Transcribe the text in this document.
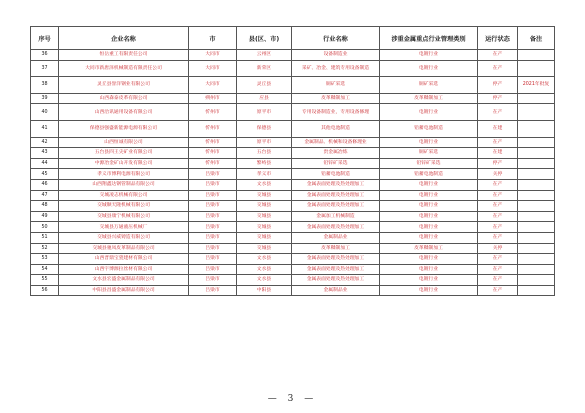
序号	企业名称	市	县(区、市)	行业名称	涉重金属重点行业管理类别	运行状态	备注
36	恒岳重工有限责任公司	大同市	云州区	设备制造业	电镀行业	在产	
37	大同市新唐泽机械制造有限责任公司	大同市	新荣区	采矿、冶金、建筑专用设备制造	电镀行业	在产	
38	灵丘县誉洋钢业有限公司	大同市	灵丘县	铜矿采选	铜矿采选	停产	2021年批复
39	山西森泰皮革有限公司	朔州市	应县	皮革鞣制加工	皮革鞣制加工	停产	
40	山西洽讯通用设备有限公司	忻州市	原平市	专用设备制造业，专用设备修理	电镀行业	在产	
41	保德县强盛新能源电源有限公司	忻州市	保德县	其他电池制造	铅蓄电池制造	在建	
42	山西恒诚有限公司	忻州市	原平市	金属制品、机械和设备修理业	电镀行业	在产	
43	五台县四王尖矿业有限公司	忻州市	五台县	贵金属冶炼	铜矿采选	在建	
44	中源冶金矿山开发有限公司	忻州市	繁峙县	铅锌矿采选	铅锌矿采选	停产	
45	孝义市博利电源有限公司	吕梁市	孝义市	铅蓄电池制造	铅蓄电池制造	关停	
46	山西翔鑫达钢管制品有限公司	吕梁市	文水县	金属表面处理及热处理加工	电镀行业	在产	
47	交城凌志机械有限公司	吕梁市	交城县	金属表面处理及热处理加工	电镀行业	在产	
48	交城顺天隆机械有限公司	吕梁市	交城县	金属表面处理及热处理加工	电镀行业	在产	
49	交城县康宁机械有限公司	吕梁市	交城县	金属加工机械制造	电镀行业	在产	
50	交城县万通液压机械厂	吕梁市	交城县	金属表面处理及热处理加工	电镀行业	在产	
51	交城县兴威铸造有限公司	吕梁市	交城县	金属制品业	电镀行业	在产	
52	交城县驰凤皮革制品有限公司	吕梁市	交城县	皮革鞣制加工	皮革鞣制加工	关停	
53	山西晋鼎宝瓷建材有限公司	吕梁市	文水县	金属表面处理及热处理加工	电镀行业	在产	
54	山西宇博源拉丝材有限公司	吕梁市	文水县	金属表面处理及热处理加工	电镀行业	在产	
55	文水县宏盛金属制品有限公司	吕梁市	文水县	金属表面处理及热处理加工	电镀行业	在产	
56	中阳县昌盛金属制品有限公司	吕梁市	中阳县	金属制品业	电镀行业	在产	
— 3 —
